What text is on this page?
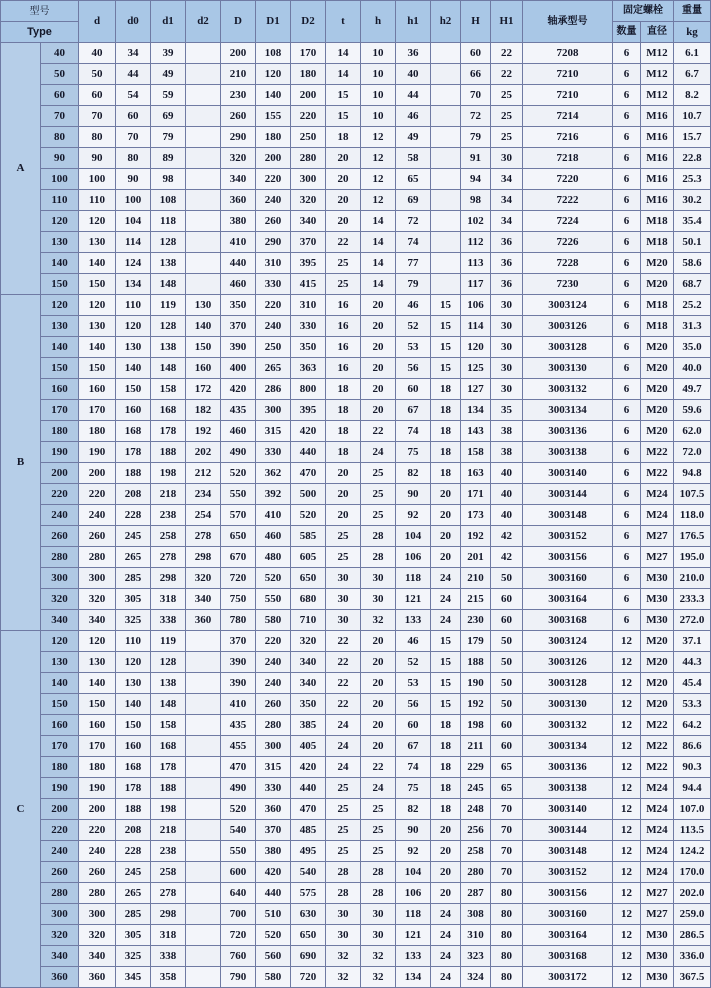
型号		d	d0	d1	d2	D	D1	D2	t	h	h1	h2	H	H1	轴承型号	固定螺栓		重量
Type																数量	直径	kg
A	40	40	34	39		200	108	170	14	10	36		60	22	7208	6	M12	6.1
	50	50	44	49		210	120	180	14	10	40		66	22	7210	6	M12	6.7
	60	60	54	59		230	140	200	15	10	44		70	25	7210	6	M12	8.2
	70	70	60	69		260	155	220	15	10	46		72	25	7214	6	M16	10.7
	80	80	70	79		290	180	250	18	12	49		79	25	7216	6	M16	15.7
	90	90	80	89		320	200	280	20	12	58		91	30	7218	6	M16	22.8
	100	100	90	98		340	220	300	20	12	65		94	34	7220	6	M16	25.3
	110	110	100	108		360	240	320	20	12	69		98	34	7222	6	M16	30.2
	120	120	104	118		380	260	340	20	14	72		102	34	7224	6	M18	35.4
	130	130	114	128		410	290	370	22	14	74		112	36	7226	6	M18	50.1
	140	140	124	138		440	310	395	25	14	77		113	36	7228	6	M20	58.6
	150	150	134	148		460	330	415	25	14	79		117	36	7230	6	M20	68.7
B	120	120	110	119	130	350	220	310	16	20	46	15	106	30	3003124	6	M18	25.2
	130	130	120	128	140	370	240	330	16	20	52	15	114	30	3003126	6	M18	31.3
	140	140	130	138	150	390	250	350	16	20	53	15	120	30	3003128	6	M20	35.0
	150	150	140	148	160	400	265	363	16	20	56	15	125	30	3003130	6	M20	40.0
	160	160	150	158	172	420	286	800	18	20	60	18	127	30	3003132	6	M20	49.7
	170	170	160	168	182	435	300	395	18	20	67	18	134	35	3003134	6	M20	59.6
	180	180	168	178	192	460	315	420	18	22	74	18	143	38	3003136	6	M20	62.0
	190	190	178	188	202	490	330	440	18	24	75	18	158	38	3003138	6	M22	72.0
	200	200	188	198	212	520	362	470	20	25	82	18	163	40	3003140	6	M22	94.8
	220	220	208	218	234	550	392	500	20	25	90	20	171	40	3003144	6	M24	107.5
	240	240	228	238	254	570	410	520	20	25	92	20	173	40	3003148	6	M24	118.0
	260	260	245	258	278	650	460	585	25	28	104	20	192	42	3003152	6	M27	176.5
	280	280	265	278	298	670	480	605	25	28	106	20	201	42	3003156	6	M27	195.0
	300	300	285	298	320	720	520	650	30	30	118	24	210	50	3003160	6	M30	210.0
	320	320	305	318	340	750	550	680	30	30	121	24	215	60	3003164	6	M30	233.3
	340	340	325	338	360	780	580	710	30	32	133	24	230	60	3003168	6	M30	272.0
C	120	120	110	119		370	220	320	22	20	46	15	179	50	3003124	12	M20	37.1
	130	130	120	128		390	240	340	22	20	52	15	188	50	3003126	12	M20	44.3
	140	140	130	138		390	240	340	22	20	53	15	190	50	3003128	12	M20	45.4
	150	150	140	148		410	260	350	22	20	56	15	192	50	3003130	12	M20	53.3
	160	160	150	158		435	280	385	24	20	60	18	198	60	3003132	12	M22	64.2
	170	170	160	168		455	300	405	24	20	67	18	211	60	3003134	12	M22	86.6
	180	180	168	178		470	315	420	24	22	74	18	229	65	3003136	12	M22	90.3
	190	190	178	188		490	330	440	25	24	75	18	245	65	3003138	12	M24	94.4
	200	200	188	198		520	360	470	25	25	82	18	248	70	3003140	12	M24	107.0
	220	220	208	218		540	370	485	25	25	90	20	256	70	3003144	12	M24	113.5
	240	240	228	238		550	380	495	25	25	92	20	258	70	3003148	12	M24	124.2
	260	260	245	258		600	420	540	28	28	104	20	280	70	3003152	12	M24	170.0
	280	280	265	278		640	440	575	28	28	106	20	287	80	3003156	12	M27	202.0
	300	300	285	298		700	510	630	30	30	118	24	308	80	3003160	12	M27	259.0
	320	320	305	318		720	520	650	30	30	121	24	310	80	3003164	12	M30	286.5
	340	340	325	338		760	560	690	32	32	133	24	323	80	3003168	12	M30	336.0
	360	360	345	358		790	580	720	32	32	134	24	324	80	3003172	12	M30	367.5
